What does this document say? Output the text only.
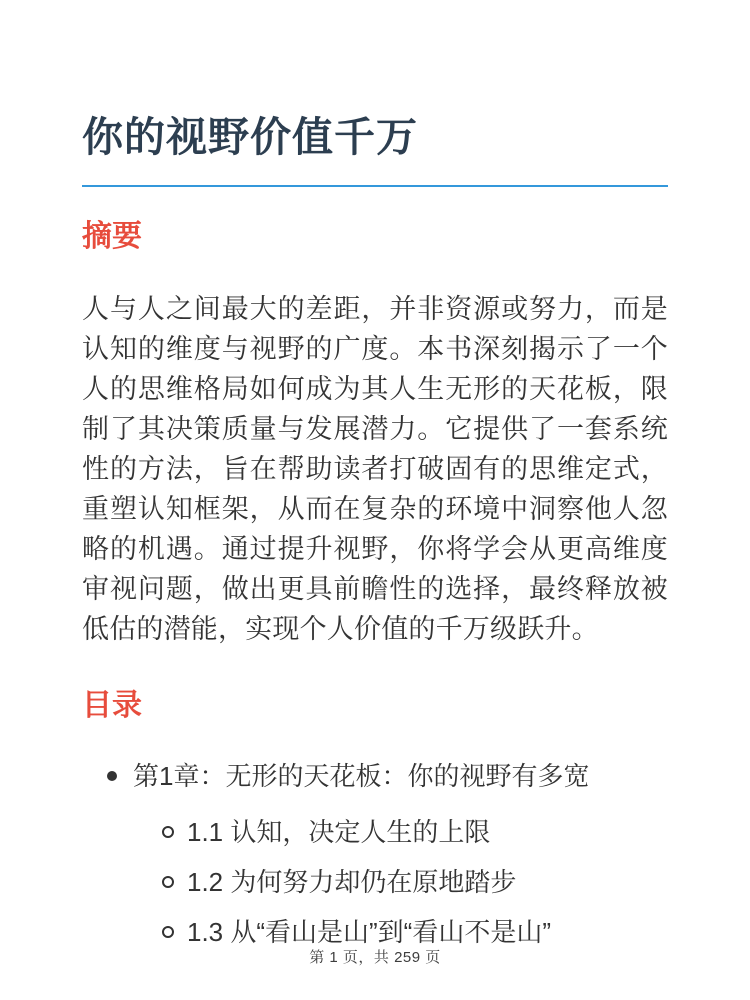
你的视野价值千万
摘要

人与人之间最大的差距，并非资源或努力，而是认知的维度与视野的广度。本书深刻揭示了一个人的思维格局如何成为其人生无形的天花板，限制了其决策质量与发展潜力。它提供了一套系统性的方法，旨在帮助读者打破固有的思维定式，重塑认知框架，从而在复杂的环境中洞察他人忽略的机遇。通过提升视野，你将学会从更高维度审视问题，做出更具前瞻性的选择，最终释放被低估的潜能，实现个人价值的千万级跃升。

目录
第1章：无形的天花板：你的视野有多宽
1.1 认知，决定人生的上限
1.2 为何努力却仍在原地踏步
1.3 从“看山是山”到“看山不是山”
第 1 页，共 259 页
